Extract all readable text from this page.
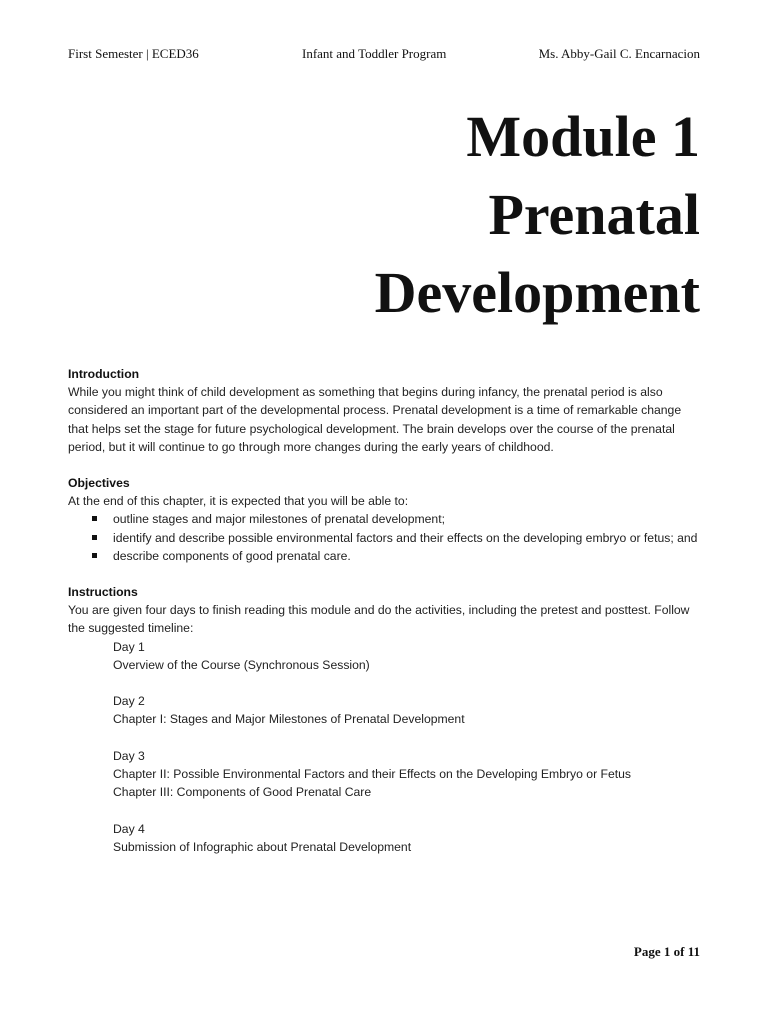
First Semester | ECED36	Infant and Toddler Program	Ms. Abby-Gail C. Encarnacion
Module 1
Prenatal
Development
Introduction

While you might think of child development as something that begins during infancy, the prenatal period is also considered an important part of the developmental process. Prenatal development is a time of remarkable change that helps set the stage for future psychological development. The brain develops over the course of the prenatal period, but it will continue to go through more changes during the early years of childhood.

Objectives

At the end of this chapter, it is expected that you will be able to:

outline stages and major milestones of prenatal development;
identify and describe possible environmental factors and their effects on the developing embryo or fetus; and
describe components of good prenatal care.
Instructions

You are given four days to finish reading this module and do the activities, including the pretest and posttest. Follow the suggested timeline:

Day 1
Overview of the Course (Synchronous Session)
Day 2
Chapter I: Stages and Major Milestones of Prenatal Development
Day 3
Chapter II: Possible Environmental Factors and their Effects on the Developing Embryo or Fetus
Chapter III: Components of Good Prenatal Care
Day 4
Submission of Infographic about Prenatal Development
Page 1 of 11
